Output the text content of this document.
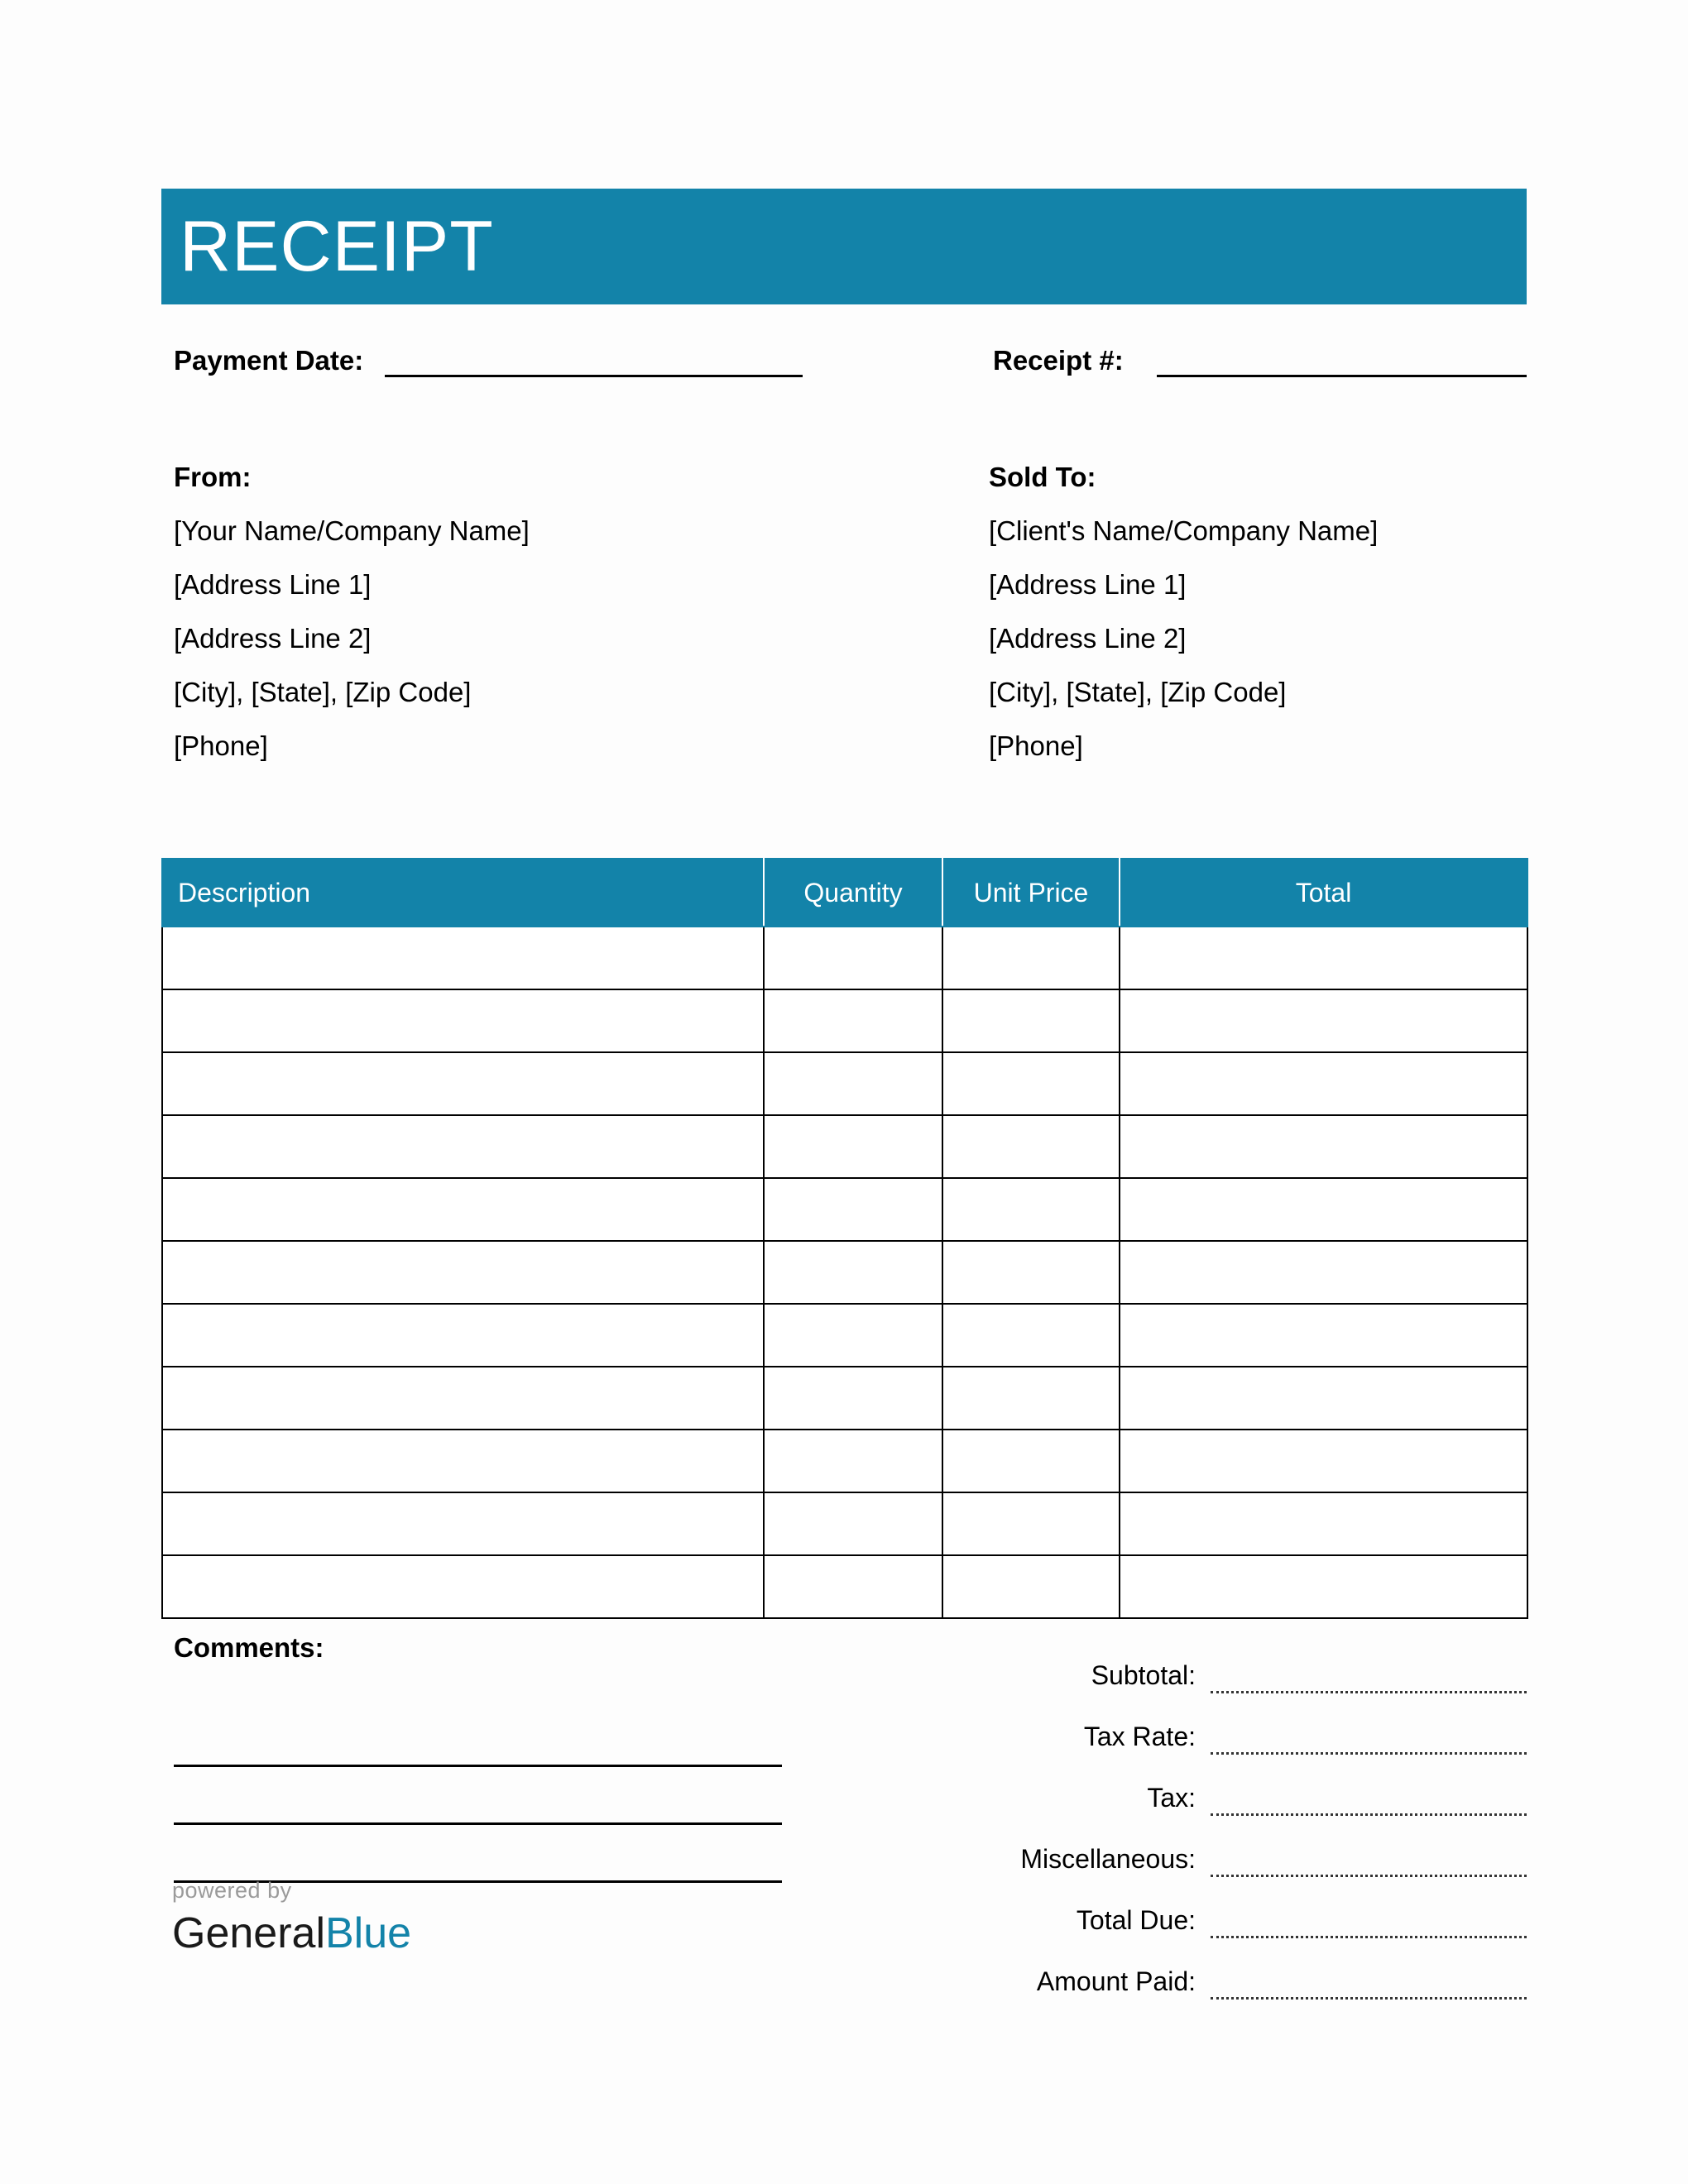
RECEIPT
Payment Date:	Receipt #:

From:

[Your Name/Company Name]

[Address Line 1]

[Address Line 2]

[City], [State], [Zip Code]

[Phone]

Sold To:

[Client's Name/Company Name]

[Address Line 1]

[Address Line 2]

[City], [State], [Zip Code]

[Phone]

Description	Quantity	Unit Price	Total

Comments:

Subtotal:
Tax Rate:
Tax:
Miscellaneous:
Total Due:
Amount Paid:
powered by
GeneralBlue
